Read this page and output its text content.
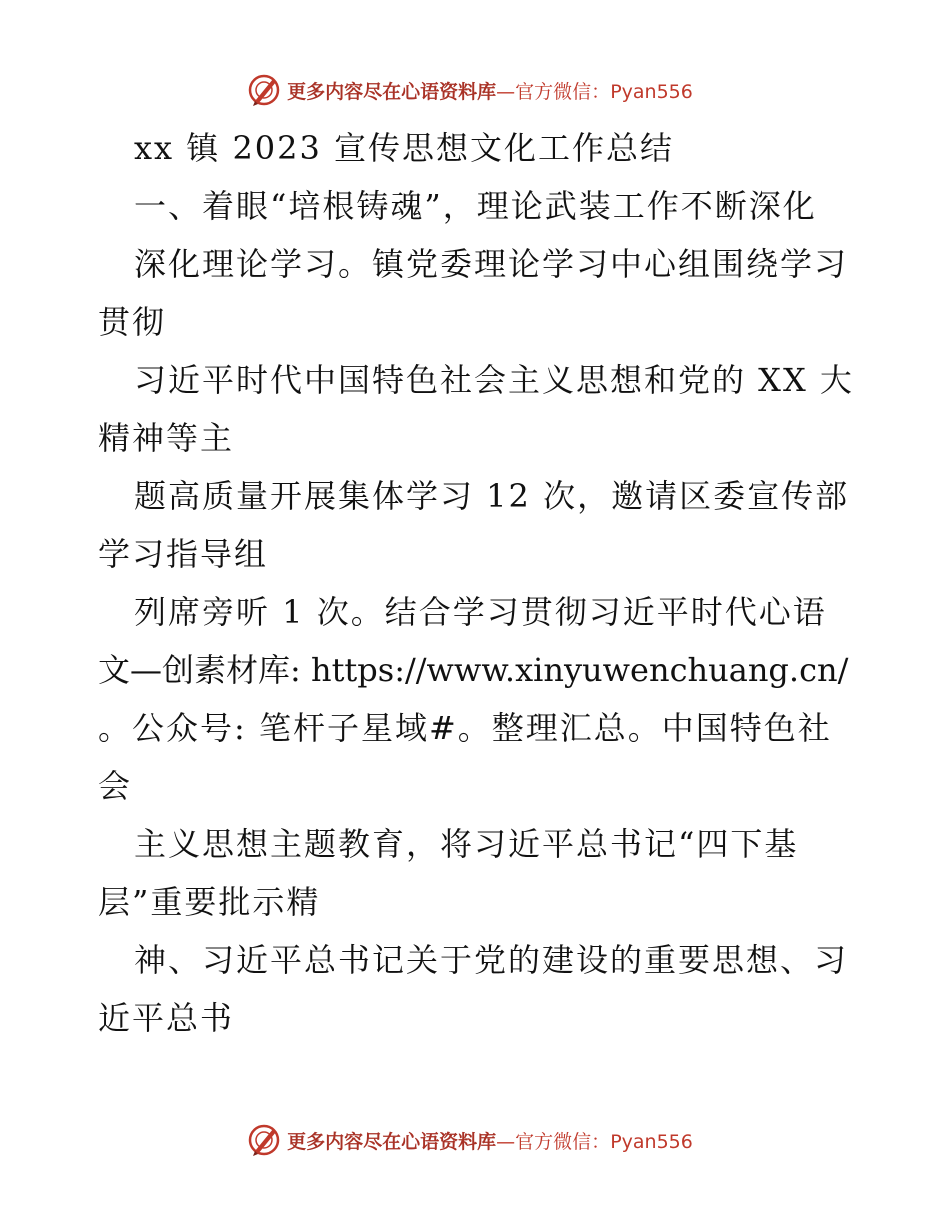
更多内容尽在心语资料库—官方微信：Pyan556
xx 镇 2023 宣传思想文化工作总结
一、着眼“培根铸魂”，理论武装工作不断深化
深化理论学习。镇党委理论学习中心组围绕学习
贯彻
习近平时代中国特色社会主义思想和党的 XX 大
精神等主
题高质量开展集体学习 12 次，邀请区委宣传部
学习指导组
列席旁听 1 次。结合学习贯彻习近平时代心语
文—创素材库: https://www.xinyuwenchuang.cn/
。公众号: 笔杆子星域#。整理汇总。中国特色社
会
主义思想主题教育，将习近平总书记“四下基
层”重要批示精
神、习近平总书记关于党的建设的重要思想、习
近平总书
更多内容尽在心语资料库—官方微信：Pyan556
